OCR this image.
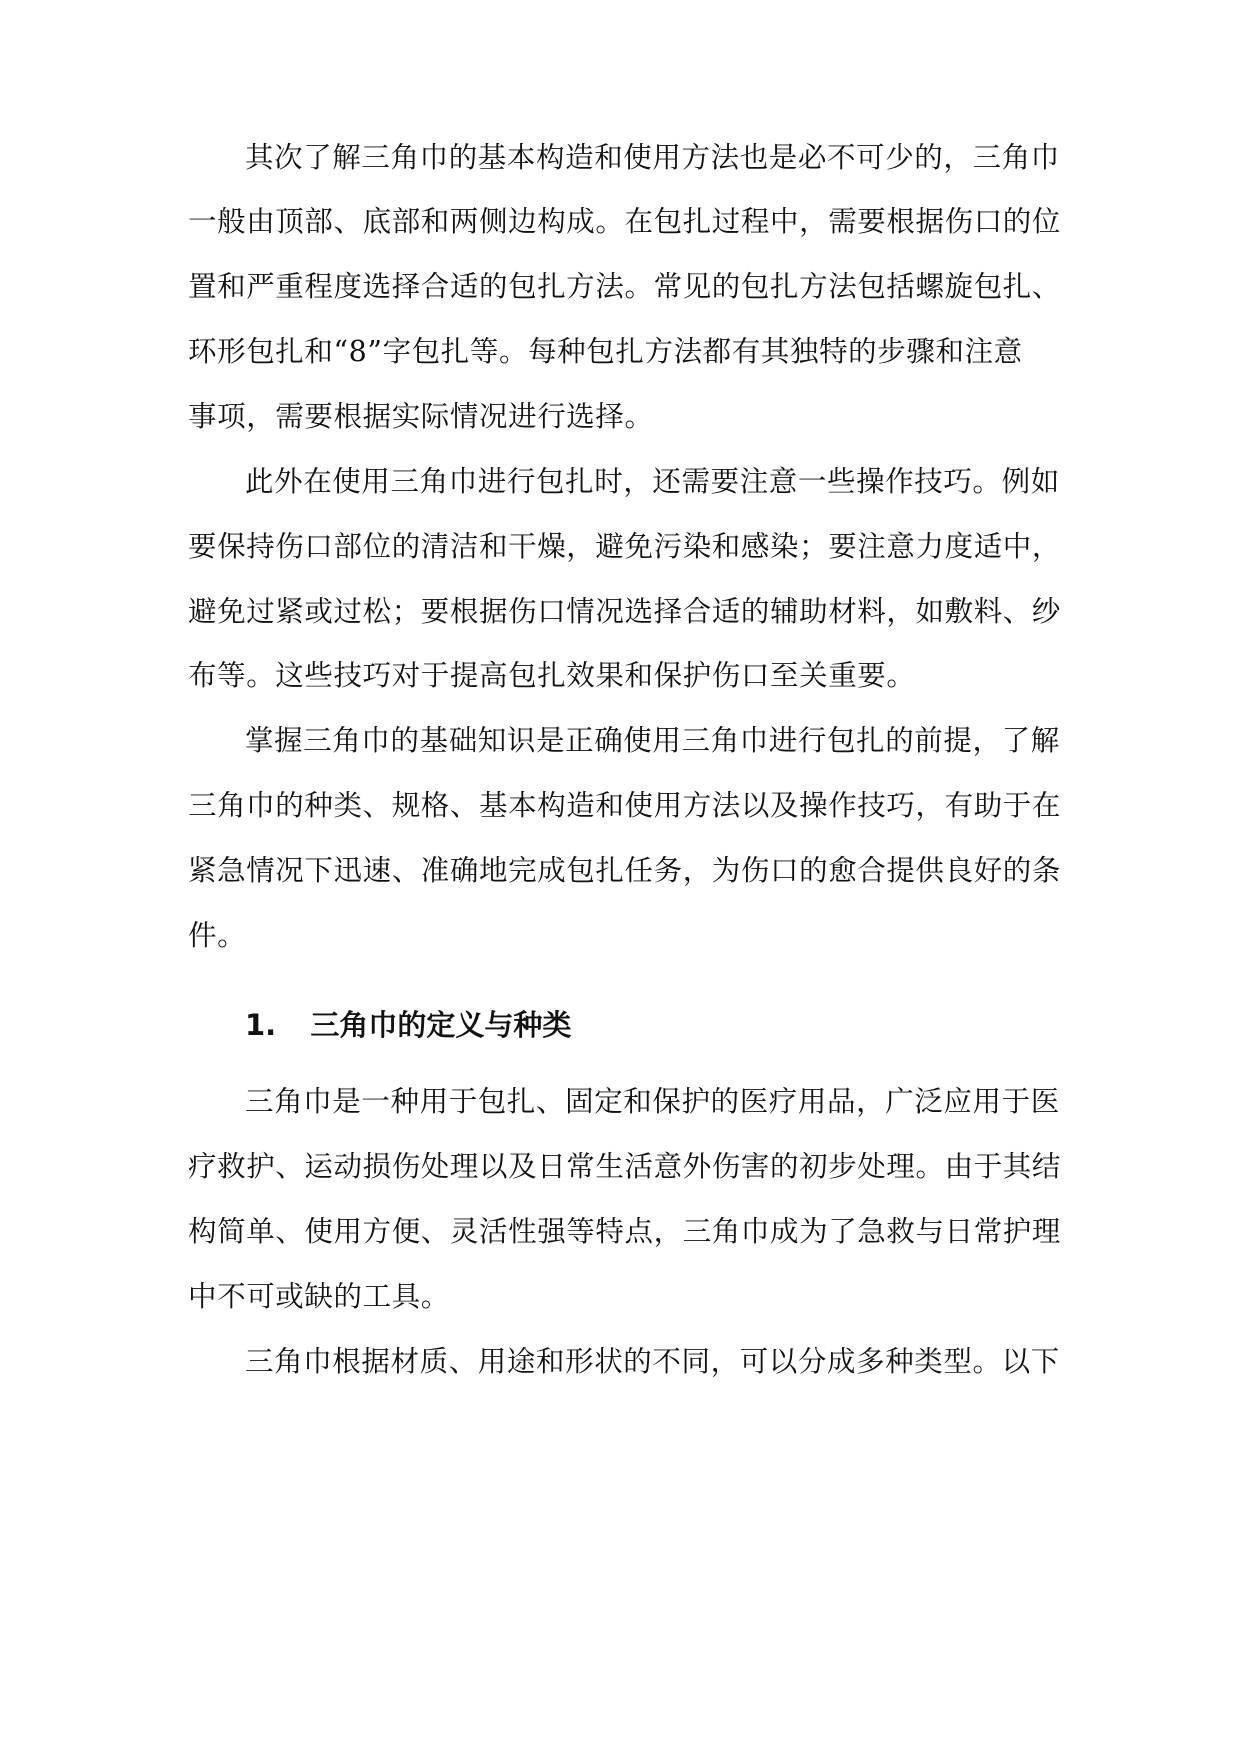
其次了解三角巾的基本构造和使用方法也是必不可少的，三角巾
一般由顶部、底部和两侧边构成。在包扎过程中，需要根据伤口的位
置和严重程度选择合适的包扎方法。常见的包扎方法包括螺旋包扎、
环形包扎和“8”字包扎等。每种包扎方法都有其独特的步骤和注意
事项，需要根据实际情况进行选择。
此外在使用三角巾进行包扎时，还需要注意一些操作技巧。例如
要保持伤口部位的清洁和干燥，避免污染和感染；要注意力度适中，
避免过紧或过松；要根据伤口情况选择合适的辅助材料，如敷料、纱
布等。这些技巧对于提高包扎效果和保护伤口至关重要。
掌握三角巾的基础知识是正确使用三角巾进行包扎的前提，了解
三角巾的种类、规格、基本构造和使用方法以及操作技巧，有助于在
紧急情况下迅速、准确地完成包扎任务，为伤口的愈合提供良好的条
件。
1. 三角巾的定义与种类
三角巾是一种用于包扎、固定和保护的医疗用品，广泛应用于医
疗救护、运动损伤处理以及日常生活意外伤害的初步处理。由于其结
构简单、使用方便、灵活性强等特点，三角巾成为了急救与日常护理
中不可或缺的工具。
三角巾根据材质、用途和形状的不同，可以分成多种类型。以下
